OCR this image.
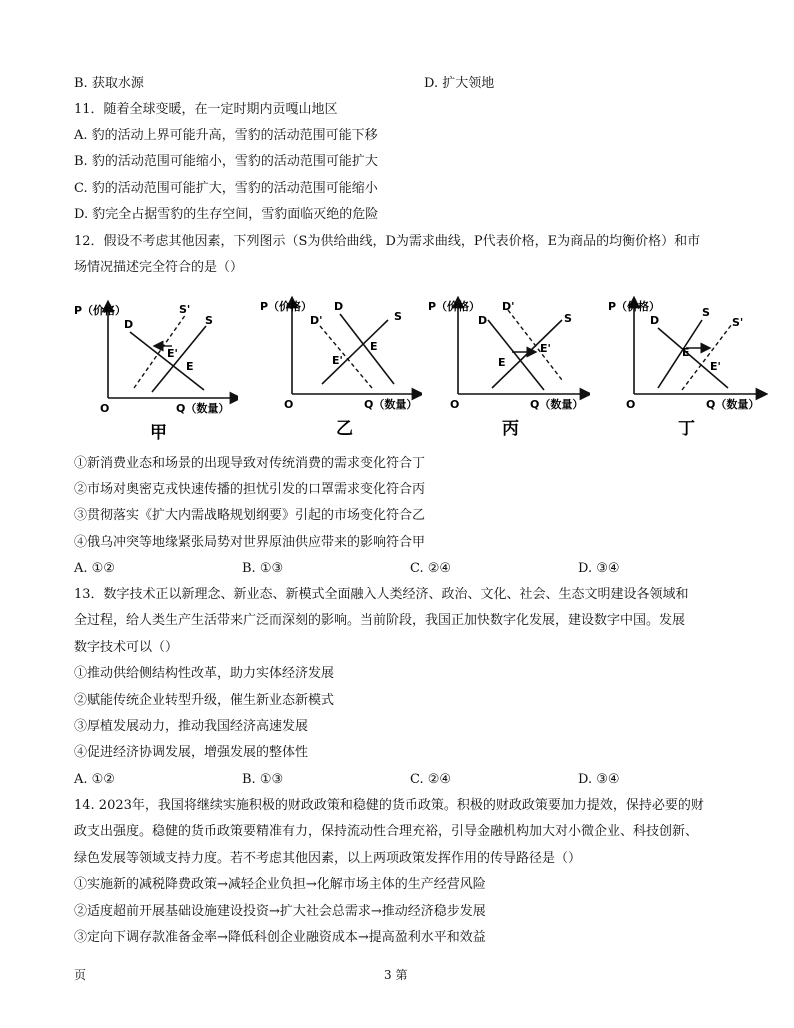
B. 获取水源	D. 扩大领地
11．随着全球变暖，在一定时期内贡嘎山地区
A. 豹的活动上界可能升高，雪豹的活动范围可能下移
B. 豹的活动范围可能缩小，雪豹的活动范围可能扩大
C. 豹的活动范围可能扩大，雪豹的活动范围可能缩小
D. 豹完全占据雪豹的生存空间，雪豹面临灭绝的危险
12．假设不考虑其他因素，下列图示（S为供给曲线，D为需求曲线，P代表价格，E为商品的均衡价格）和市
场情况描述完全符合的是（）
P（价格）
Q（数量）
O
D	S
S'
E'
E
甲
P（价格）
Q（数量）
O
D
D'	S
E
E'
乙
P（价格）
Q（数量）
O
D
D'
S
E'
E
丙
P（价格）
Q（数量）
O
D
S
S'
E
E'
丁
①新消费业态和场景的出现导致对传统消费的需求变化符合丁
②市场对奥密克戎快速传播的担忧引发的口罩需求变化符合丙
③贯彻落实《扩大内需战略规划纲要》引起的市场变化符合乙
④俄乌冲突等地缘紧张局势对世界原油供应带来的影响符合甲
A. ①②	B. ①③	C. ②④	D. ③④
13．数字技术正以新理念、新业态、新模式全面融入人类经济、政治、文化、社会、生态文明建设各领域和
全过程，给人类生产生活带来广泛而深刻的影响。当前阶段，我国正加快数字化发展，建设数字中国。发展
数字技术可以（）
①推动供给侧结构性改革，助力实体经济发展
②赋能传统企业转型升级，催生新业态新模式
③厚植发展动力，推动我国经济高速发展
④促进经济协调发展，增强发展的整体性
A. ①②	B. ①③	C. ②④	D. ③④
14. 2023年，我国将继续实施积极的财政政策和稳健的货币政策。积极的财政政策要加力提效，保持必要的财
政支出强度。稳健的货币政策要精准有力，保持流动性合理充裕，引导金融机构加大对小微企业、科技创新、
绿色发展等领域支持力度。若不考虑其他因素，以上两项政策发挥作用的传导路径是（）
①实施新的减税降费政策→减轻企业负担→化解市场主体的生产经营风险
②适度超前开展基础设施建设投资→扩大社会总需求→推动经济稳步发展
③定向下调存款准备金率→降低科创企业融资成本→提高盈利水平和效益
页	3 第
